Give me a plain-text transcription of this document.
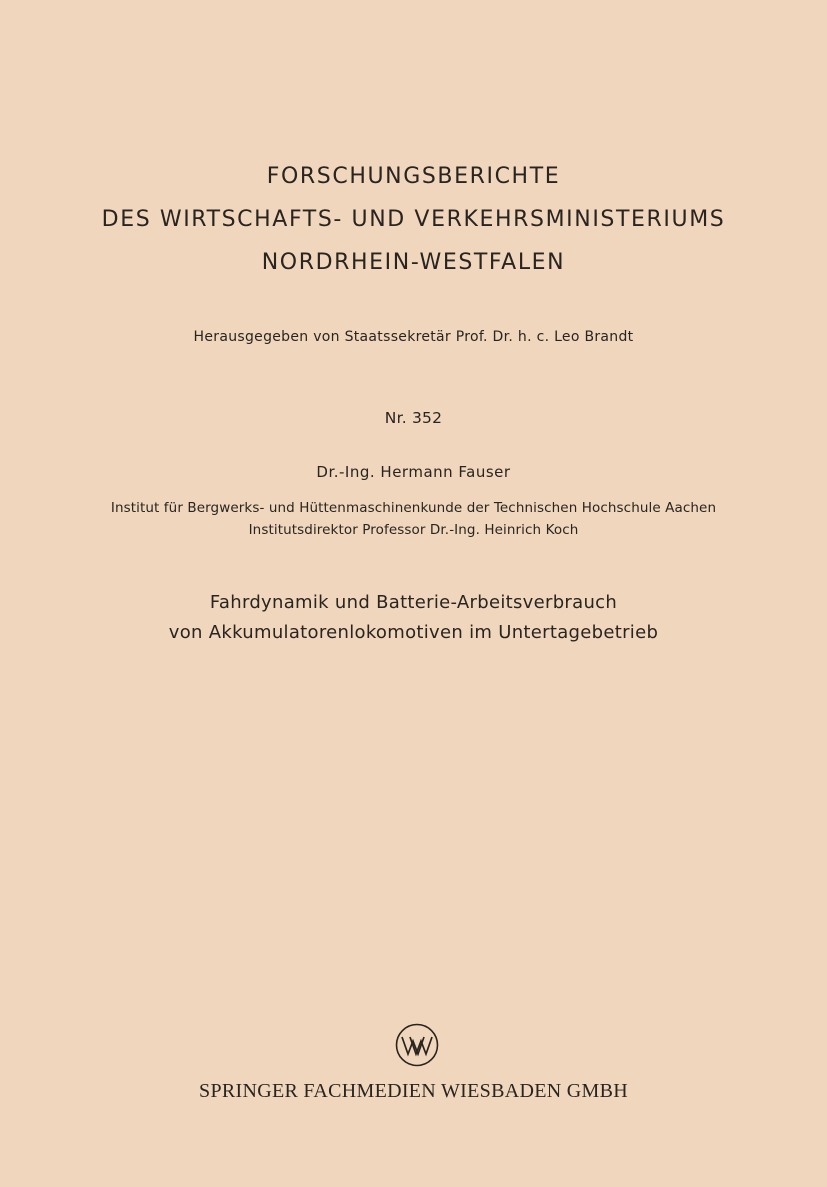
FORSCHUNGSBERICHTE
DES WIRTSCHAFTS- UND VERKEHRSMINISTERIUMS
NORDRHEIN-WESTFALEN
Herausgegeben von Staatssekretär Prof. Dr. h. c. Leo Brandt
Nr. 352
Dr.-Ing. Hermann Fauser
Institut für Bergwerks- und Hüttenmaschinenkunde der Technischen Hochschule Aachen
Institutsdirektor Professor Dr.-Ing. Heinrich Koch
Fahrdynamik und Batterie-Arbeitsverbrauch
von Akkumulatorenlokomotiven im Untertagebetrieb
SPRINGER FACHMEDIEN WIESBADEN GMBH
